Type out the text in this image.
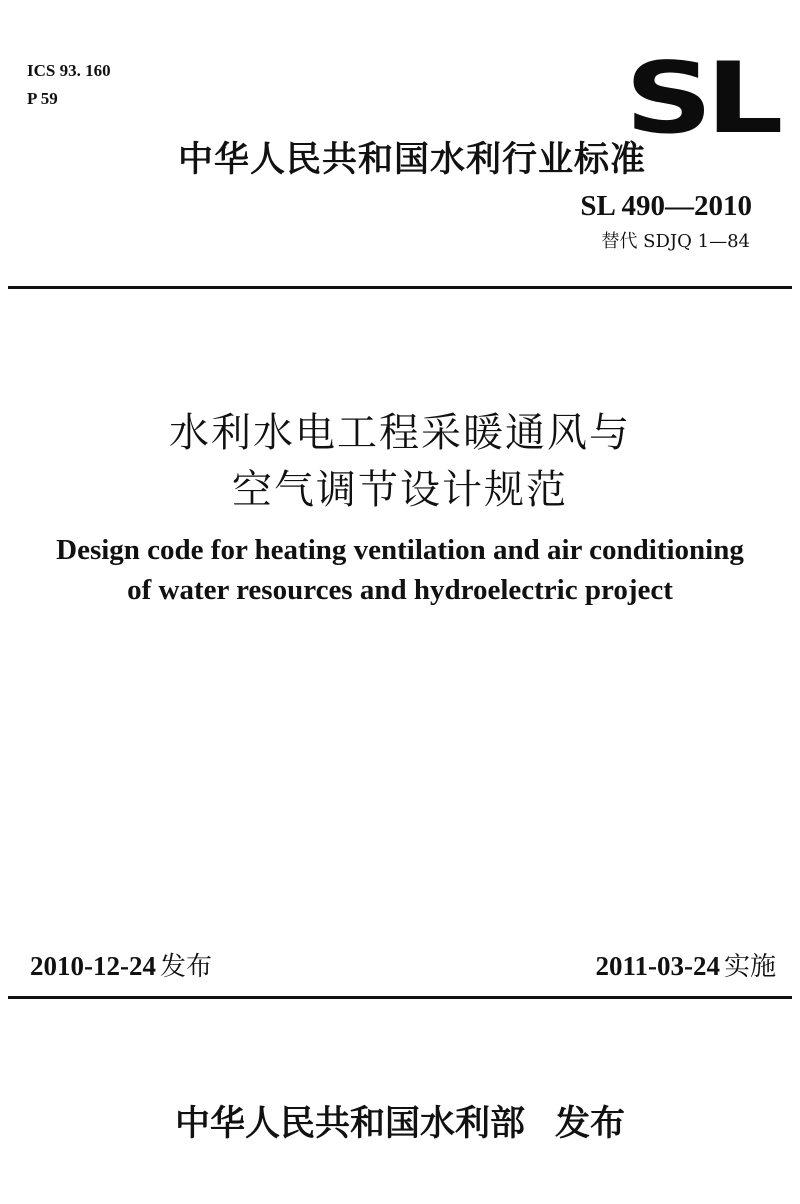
ICS 93. 160
P 59	SL
中华人民共和国水利行业标准
SL 490—2010
替代 SDJQ 1—84
水利水电工程采暖通风与
空气调节设计规范
Design code for heating ventilation and air conditioning
of water resources and hydroelectric project
2010-12-24 发布	2011-03-24 实施
中华人民共和国水利部 发布
